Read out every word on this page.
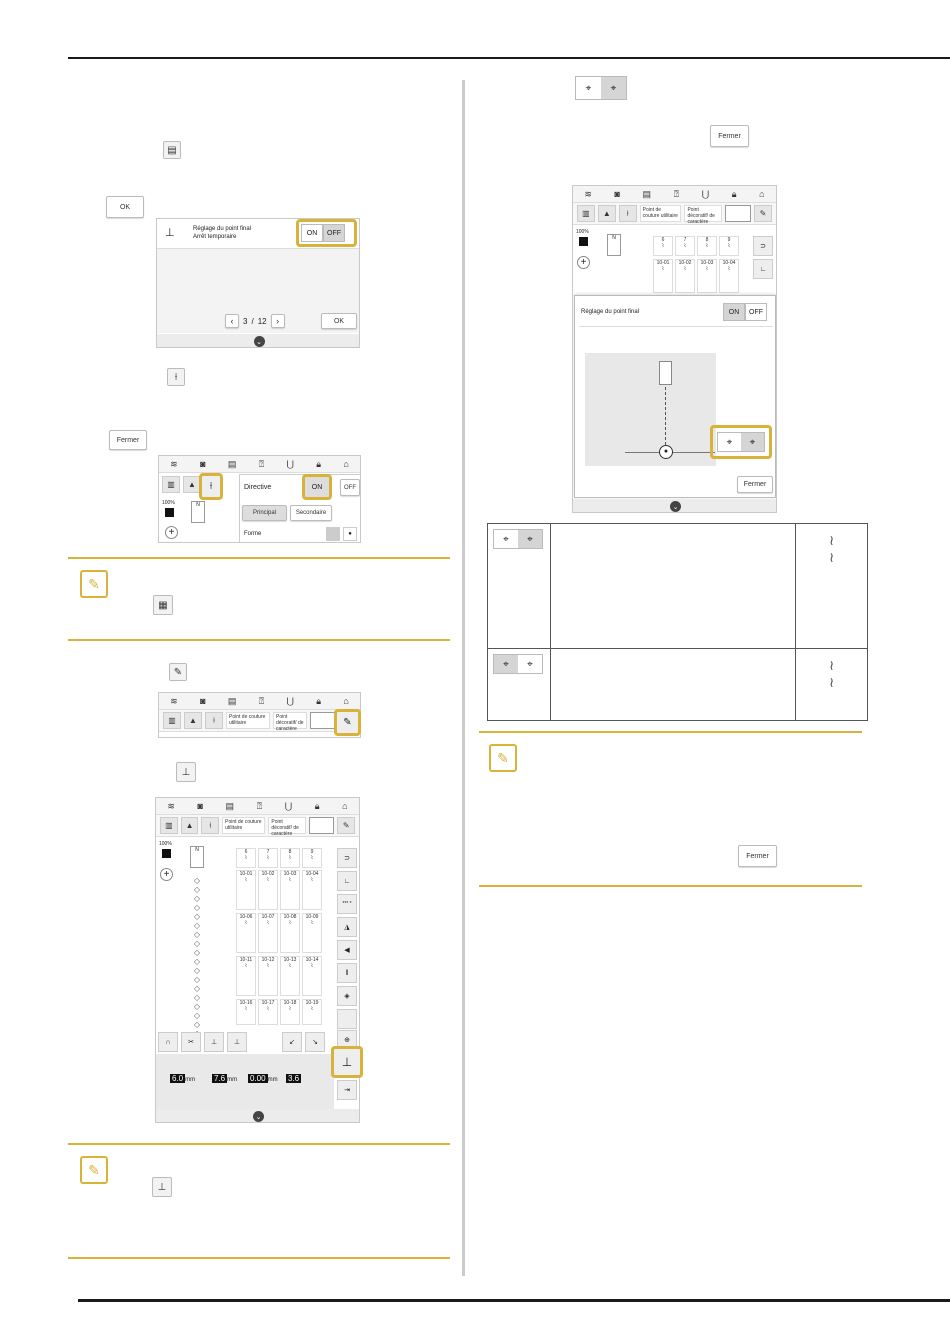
▤
OK
⊥	Réglage du point final
Arrêt temporaire
‹	3 / 12	›	OK
⌄
ON	OFF
⍿
Fermer
≋ ◙ ▤ ⍰ ⋃ 🔒︎ ⌂
▥	▲
100%	N
+
Directive	OFF
Principal	Secondaire
Forme	●
⍿	ON
✎
▦
✎
≋ ◙ ▤ ⍰ ⋃ 🔒︎ ⌂
▥	▲	⍿	Point de couture utilitaire
Point décoratif/ de caractère
✎
⊥
≋	◙	▤	⍰	⋃	🔒︎	⌂
▥	▲	⍿	Point de couture utilitaire
Point décoratif/ de caractère
✎
100%
N
+
◇
◇
◇
◇
◇
◇
◇
◇
◇
◇
◇
◇
◇
◇
◇
◇
◇

6
⌇
7
⌇
8
⌇
9
⌇
10-01
⌇
10-02
⌇
10-03
⌇
10-04
⌇
10-06
⌇
10-07
⌇
10-08
⌇
10-09
⌇
10-11
⌇
10-12
⌇
10-13
⌇
10-14
⌇
10-16
⌇
10-17
⌇
10-18
⌇
10-19
⌇
⊃
∟
*** *
◮
◀
‖
◈
∩	✂	⊥	⊥	↙	↘	⊕
6.0 mm 7.6 mm 0.00 mm 3.6
⇥
⌄
⊥
✎
⊥
⌖	⌖
Fermer
≋	◙	▤	⍰	⋃	🔒︎	⌂
▥	▲	⍿	Point de couture utilitaire
Point décoratif/ de caractère
✎
100%
N
+
6
⌇
7
⌇
8
⌇
9
⌇
10-01
⌇
10-02
⌇
10-03
⌇
10-04
⌇
⊃
∟
Réglage du point final	ON	OFF
●
Fermer
⌄
⌖	⌖
⌖ ⌖		≀
≀

⌖ ⌖		≀
≀
✎
Fermer
